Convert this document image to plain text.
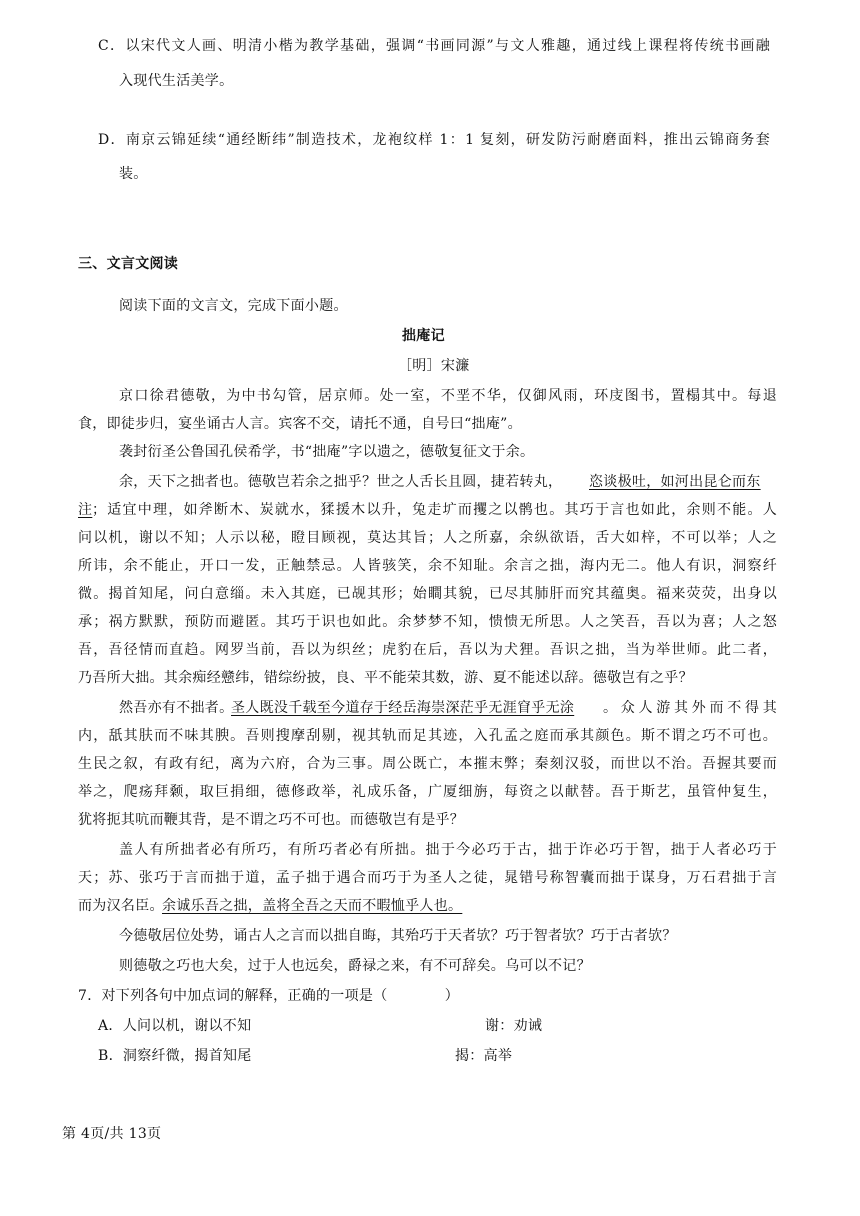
C．以宋代文人画、明清小楷为教学基础，强调“书画同源”与文人雅趣，通过线上课程将传统书画融
入现代生活美学。
D．南京云锦延续“通经断纬”制造技术，龙袍纹样 1：1 复刻，研发防污耐磨面料，推出云锦商务套
装。
三、文言文阅读
阅读下面的文言文，完成下面小题。
拙庵记
［明］宋濂
京口徐君德敬，为中书勾管，居京师。处一室，不垩不华，仅御风雨，环庋图书，置榻其中。每退
食，即徒步归，宴坐诵古人言。宾客不交，请托不通，自号曰“拙庵”。
袭封衍圣公鲁国孔侯希学，书“拙庵”字以遗之，德敬复征文于余。
余，天下之拙者也。德敬岂若余之拙乎？世之人舌长且圆，捷若转丸， 恣谈极吐，如河出昆仑而东
注 ；适宜中理，如斧断木、炭就水，猱援木以升，兔走圹而攫之以鹘也。其巧于言也如此，余则不能。人
问以机，谢以不知；人示以秘，瞪目顾视，莫达其旨；人之所嘉，余纵欲语，舌大如梓，不可以举；人之
所讳，余不能止，开口一发，正触禁忌。人皆骇笑，余不知耻。余言之拙，海内无二。他人有识，洞察纤
微。揭首知尾，问白意缁。未入其庭，已觇其形；始瞷其貌，已尽其肺肝而究其蕴奥。福来荧荧，出身以
承；祸方默默，预防而避匿。其巧于识也如此。余梦梦不知，愦愦无所思。人之笑吾，吾以为喜；人之怒
吾，吾径情而直趋。网罗当前，吾以为织丝；虎豹在后，吾以为犬狸。吾识之拙，当为举世师。此二者，
乃吾所大拙。其余痴经戆纬，错综纷披，良、平不能荣其数，游、夏不能述以辞。德敬岂有之乎？
然吾亦有不拙者。
圣人既没千载至今道存于经岳海崇深茫乎无涯窅乎无涂 。众人游其外而不得其
内，舐其肤而不味其腴。吾则搜摩刮剔，视其轨而足其迹，入孔孟之庭而承其颜色。斯不谓之巧不可也。
生民之叙，有政有纪，离为六府，合为三事。周公既亡，本摧末弊；秦刻汉驳，而世以不治。吾握其要而
举之，爬疡拜颡，取巨捐细，德修政举，礼成乐备，广厦细旃，每资之以献替。吾于斯艺，虽管仲复生，
犹将扼其吭而鞭其背，是不谓之巧不可也。而德敬岂有是乎？
盖人有所拙者必有所巧，有所巧者必有所拙。拙于今必巧于古，拙于诈必巧于智，拙于人者必巧于
天；苏、张巧于言而拙于道，孟子拙于遇合而巧于为圣人之徒，晁错号称智囊而拙于谋身，万石君拙于言
而为汉名臣。
余诚乐吾之拙，盖将全吾之天而不暇恤乎人也。
今德敬居位处势，诵古人之言而以拙自晦，其殆巧于天者欤？巧于智者欤？巧于古者欤？
则德敬之巧也大矣，过于人也远矣，爵禄之来，有不可辞矣。乌可以不记？
7．对下列各句中加点词的解释，正确的一项是（　　　　）
A．人问以机，谢以不知	谢：劝诫
B．洞察纤微，揭首知尾	揭：高举
第 4页/共 13页
